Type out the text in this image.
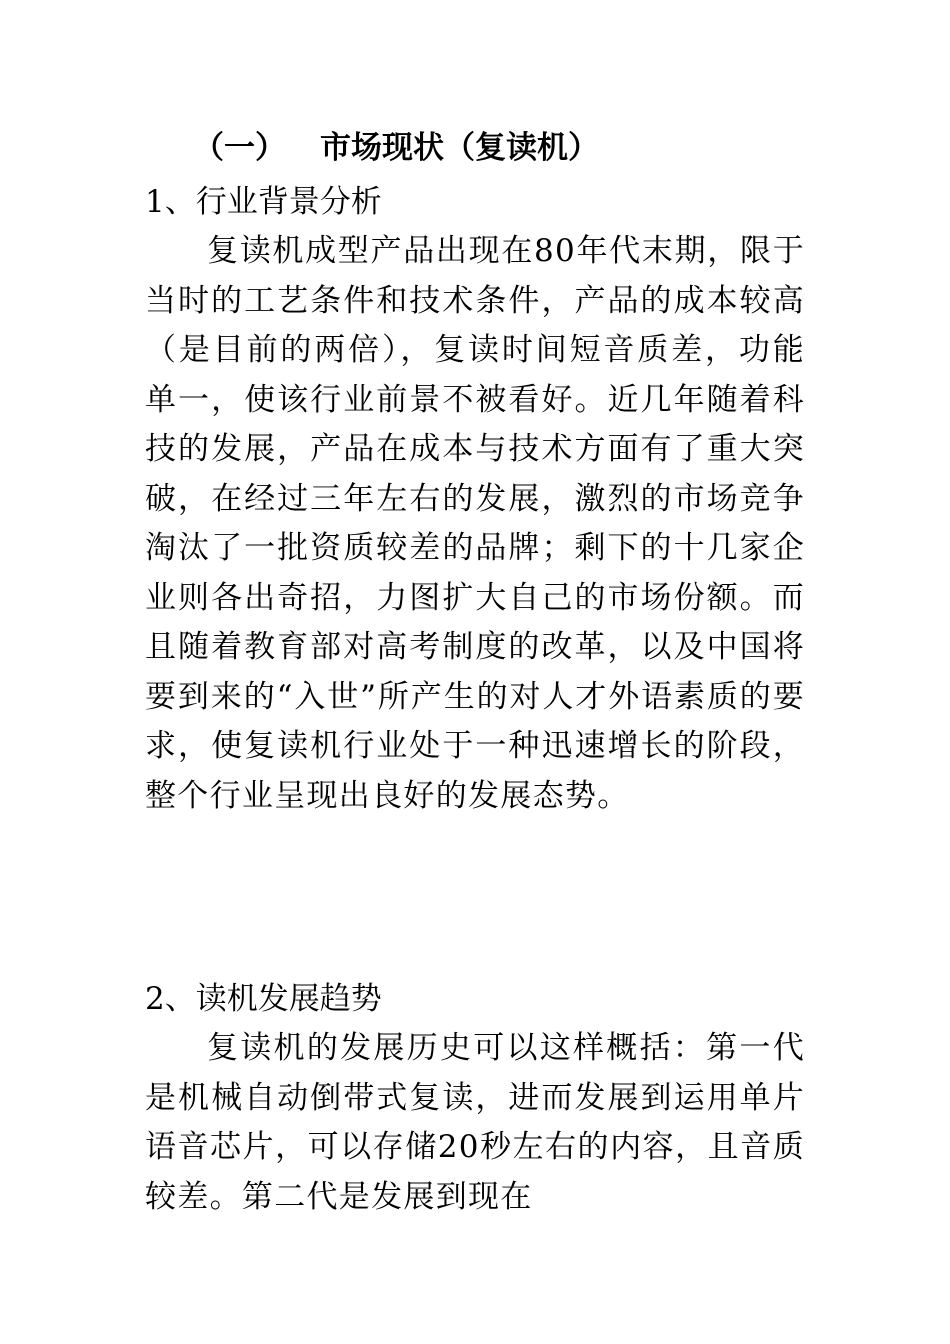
（一） 市场现状（复读机）

1、行业背景分析

复读机成型产品出现在80年代末期，限于当时的工艺条件和技术条件，产品的成本较高（是目前的两倍），复读时间短音质差，功能单一，使该行业前景不被看好。近几年随着科技的发展，产品在成本与技术方面有了重大突破，在经过三年左右的发展，激烈的市场竞争淘汰了一批资质较差的品牌；剩下的十几家企业则各出奇招，力图扩大自己的市场份额。而且随着教育部对高考制度的改革，以及中国将要到来的“入世”所产生的对人才外语素质的要求，使复读机行业处于一种迅速增长的阶段，整个行业呈现出良好的发展态势。

2、读机发展趋势

复读机的发展历史可以这样概括：第一代是机械自动倒带式复读，进而发展到运用单片语音芯片，可以存储20秒左右的内容，且音质较差。第二代是发展到现在
